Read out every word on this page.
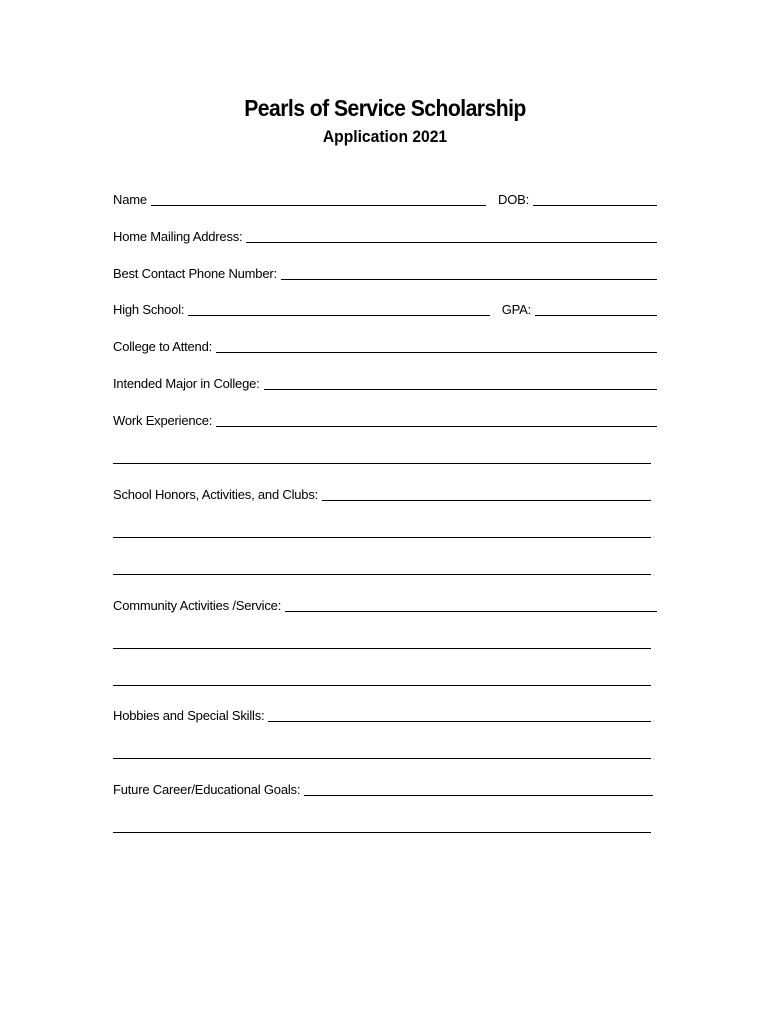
Pearls of Service Scholarship
Application 2021
Name	DOB:
Home Mailing Address:
Best Contact Phone Number:
High School:	GPA:
College to Attend:
Intended Major in College:
Work Experience:
School Honors, Activities, and Clubs:
Community Activities /Service:
Hobbies and Special Skills:
Future Career/Educational Goals:
